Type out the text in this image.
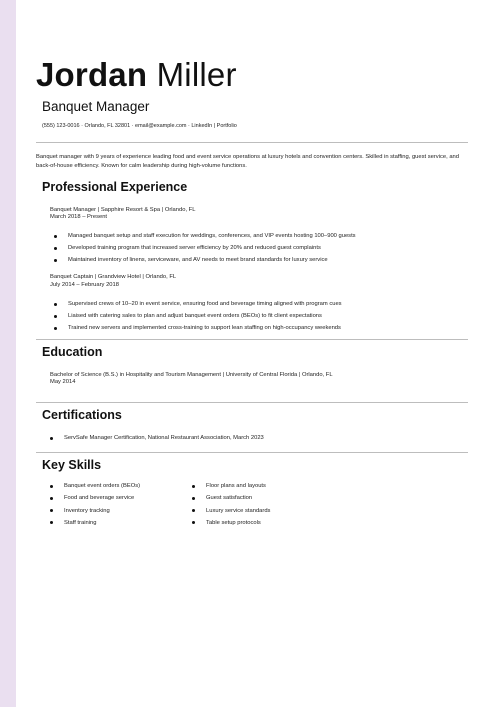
Jordan Miller
Banquet Manager
(555) 123-0016 · Orlando, FL 32801 · email@example.com · LinkedIn | Portfolio
Banquet manager with 9 years of experience leading food and event service operations at luxury hotels and convention centers. Skilled in staffing, guest service, and back-of-house efficiency. Known for calm leadership during high-volume functions.
Professional Experience
Banquet Manager | Sapphire Resort & Spa | Orlando, FL
March 2018 – Present
Managed banquet setup and staff execution for weddings, conferences, and VIP events hosting 100–900 guests
Developed training program that increased server efficiency by 20% and reduced guest complaints
Maintained inventory of linens, serviceware, and AV needs to meet brand standards for luxury service
Banquet Captain | Grandview Hotel | Orlando, FL
July 2014 – February 2018
Supervised crews of 10–20 in event service, ensuring food and beverage timing aligned with program cues
Liaised with catering sales to plan and adjust banquet event orders (BEOs) to fit client expectations
Trained new servers and implemented cross-training to support lean staffing on high-occupancy weekends
Education
Bachelor of Science (B.S.) in Hospitality and Tourism Management | University of Central Florida | Orlando, FL
May 2014
Certifications
ServSafe Manager Certification, National Restaurant Association, March 2023
Key Skills
Banquet event orders (BEOs)
Food and beverage service
Inventory tracking
Staff training
Floor plans and layouts
Guest satisfaction
Luxury service standards
Table setup protocols
